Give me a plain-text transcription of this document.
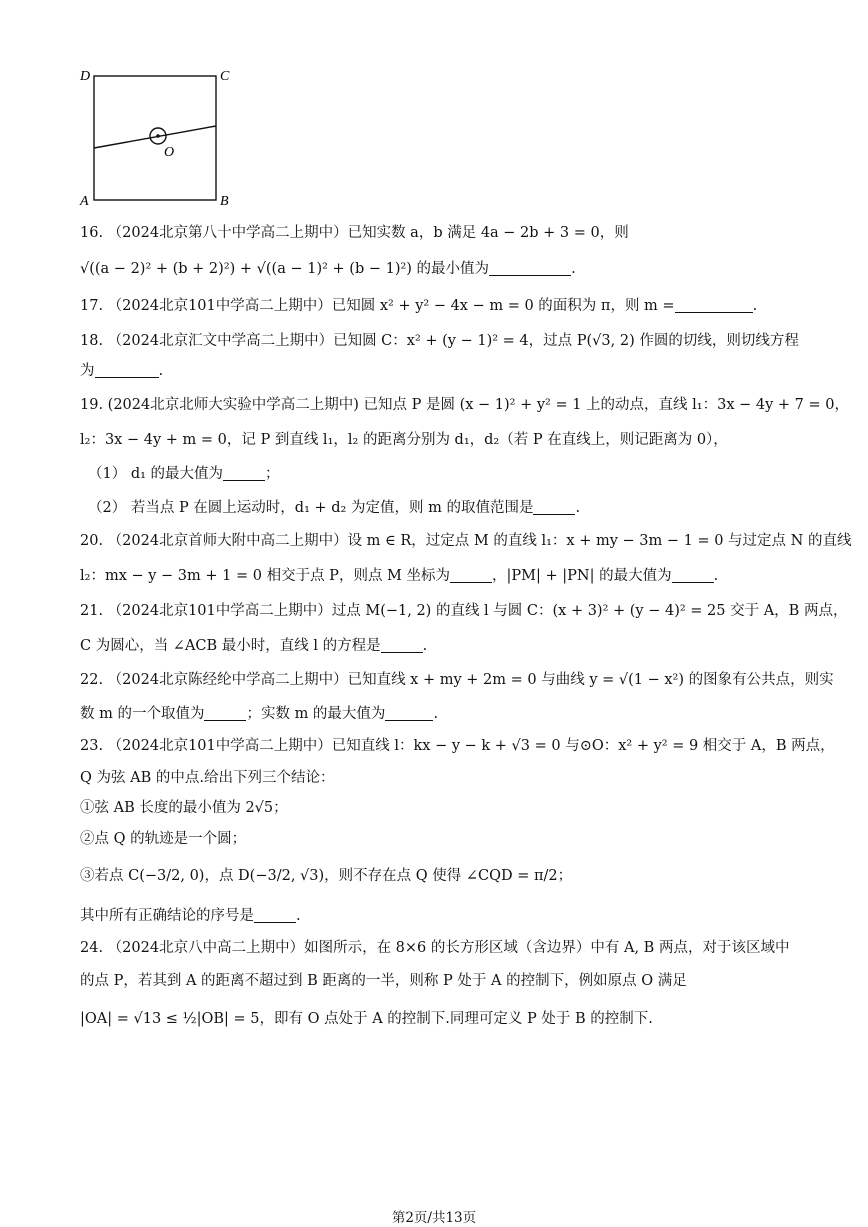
D	C
A	B
O
16. （2024北京第八十中学高二上期中）已知实数 a，b 满足 4a − 2b + 3 = 0，则
√((a − 2)² + (b + 2)²) + √((a − 1)² + (b − 1)²) 的最小值为	.
17. （2024北京101中学高二上期中）已知圆 x² + y² − 4x − m = 0 的面积为 π，则 m =	.
18. （2024北京汇文中学高二上期中）已知圆 C：x² + (y − 1)² = 4，过点 P(√3, 2) 作圆的切线，则切线方程
为	.
19. (2024北京北师大实验中学高二上期中) 已知点 P 是圆 (x − 1)² + y² = 1 上的动点，直线 l₁：3x − 4y + 7 = 0，
l₂：3x − 4y + m = 0，记 P 到直线 l₁，l₂ 的距离分别为 d₁，d₂（若 P 在直线上，则记距离为 0），
（1） d₁ 的最大值为	；
（2） 若当点 P 在圆上运动时，d₁ + d₂ 为定值，则 m 的取值范围是	.
20. （2024北京首师大附中高二上期中）设 m ∈ R，过定点 M 的直线 l₁：x + my − 3m − 1 = 0 与过定点 N 的直线
l₂：mx − y − 3m + 1 = 0 相交于点 P，则点 M 坐标为	，|PM| + |PN| 的最大值为	.
21. （2024北京101中学高二上期中）过点 M(−1, 2) 的直线 l 与圆 C：(x + 3)² + (y − 4)² = 25 交于 A，B 两点，
C 为圆心，当 ∠ACB 最小时，直线 l 的方程是	.
22. （2024北京陈经纶中学高二上期中）已知直线 x + my + 2m = 0 与曲线 y = √(1 − x²) 的图象有公共点，则实
数 m 的一个取值为	；实数 m 的最大值为	.
23. （2024北京101中学高二上期中）已知直线 l：kx − y − k + √3 = 0 与⊙O：x² + y² = 9 相交于 A，B 两点，
Q 为弦 AB 的中点.给出下列三个结论：
①弦 AB 长度的最小值为 2√5；
②点 Q 的轨迹是一个圆；
③若点 C(−3/2, 0)，点 D(−3/2, √3)，则不存在点 Q 使得 ∠CQD = π/2；
其中所有正确结论的序号是	.
24. （2024北京八中高二上期中）如图所示，在 8×6 的长方形区域（含边界）中有 A, B 两点，对于该区域中
的点 P，若其到 A 的距离不超过到 B 距离的一半，则称 P 处于 A 的控制下，例如原点 O 满足
|OA| = √13 ≤ ½|OB| = 5，即有 O 点处于 A 的控制下.同理可定义 P 处于 B 的控制下.
第2页/共13页
